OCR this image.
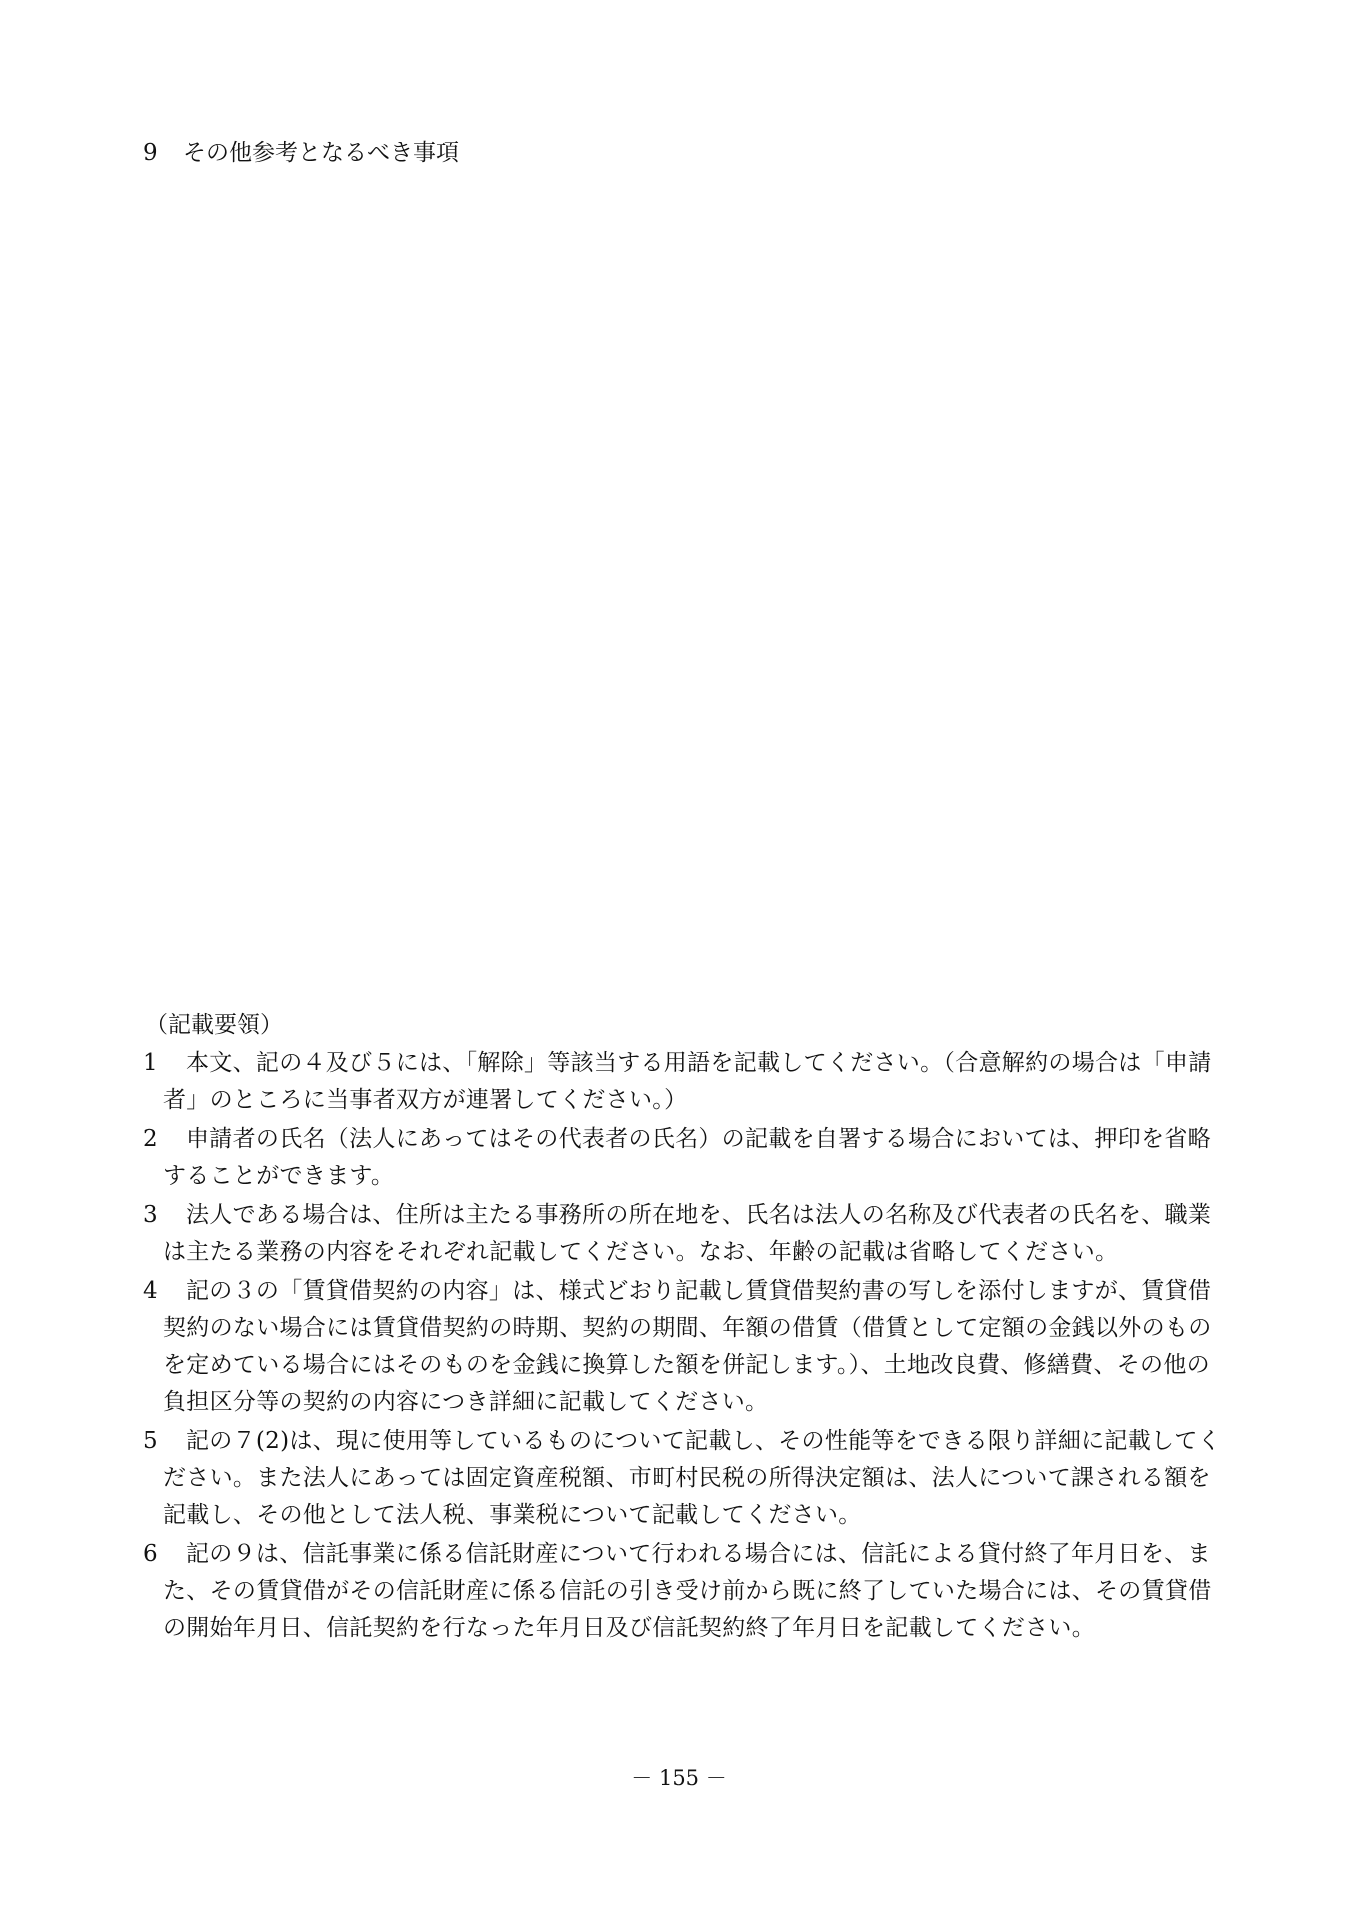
9 その他参考となるべき事項
（記載要領）
1	本文、記の４及び５には、「解除」等該当する用語を記載してください。（合意解約の場合は「申請者」のところに当事者双方が連署してください。）
2	申請者の氏名（法人にあってはその代表者の氏名）の記載を自署する場合においては、押印を省略することができます。
3	法人である場合は、住所は主たる事務所の所在地を、氏名は法人の名称及び代表者の氏名を、職業は主たる業務の内容をそれぞれ記載してください。なお、年齢の記載は省略してください。
4	記の３の「賃貸借契約の内容」は、様式どおり記載し賃貸借契約書の写しを添付しますが、賃貸借契約のない場合には賃貸借契約の時期、契約の期間、年額の借賃（借賃として定額の金銭以外のものを定めている場合にはそのものを金銭に換算した額を併記します。）、土地改良費、修繕費、その他の負担区分等の契約の内容につき詳細に記載してください。
5	記の７(2)は、現に使用等しているものについて記載し、その性能等をできる限り詳細に記載してください。また法人にあっては固定資産税額、市町村民税の所得決定額は、法人について課される額を記載し、その他として法人税、事業税について記載してください。
6	記の９は、信託事業に係る信託財産について行われる場合には、信託による貸付終了年月日を、また、その賃貸借がその信託財産に係る信託の引き受け前から既に終了していた場合には、その賃貸借の開始年月日、信託契約を行なった年月日及び信託契約終了年月日を記載してください。
－ 155 －
